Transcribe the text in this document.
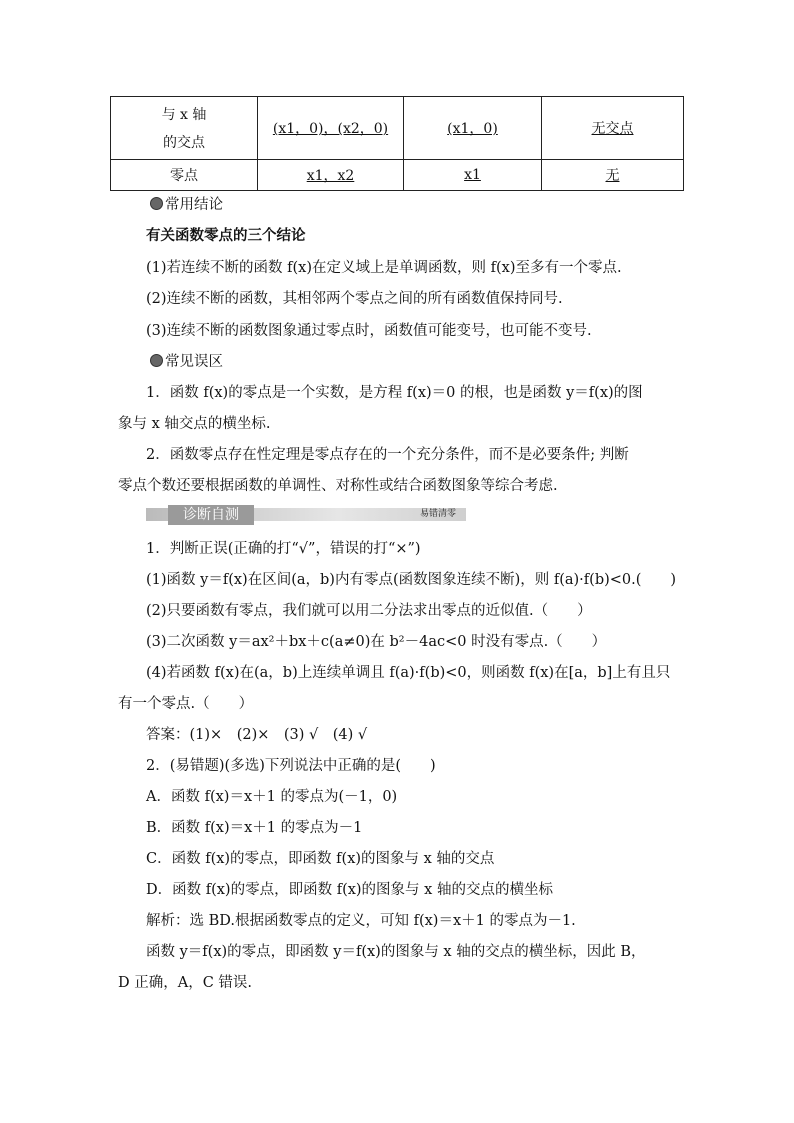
与 x 轴
的交点	(x1，0)，(x2，0)	(x1，0)	无交点
零点	x1，x2	x1	无
常用结论
有关函数零点的三个结论
(1)若连续不断的函数 f(x)在定义域上是单调函数，则 f(x)至多有一个零点.
(2)连续不断的函数，其相邻两个零点之间的所有函数值保持同号.
(3)连续不断的函数图象通过零点时，函数值可能变号，也可能不变号.
常见误区
1．函数 f(x)的零点是一个实数，是方程 f(x)＝0 的根，也是函数 y＝f(x)的图
象与 x 轴交点的横坐标.
2．函数零点存在性定理是零点存在的一个充分条件，而不是必要条件; 判断
零点个数还要根据函数的单调性、对称性或结合函数图象等综合考虑.
诊断自测	易错清零
1．判断正误(正确的打“√”，错误的打“×”)
(1)函数 y＝f(x)在区间(a，b)内有零点(函数图象连续不断)，则 f(a)·f(b)<0.(　　)
(2)只要函数有零点，我们就可以用二分法求出零点的近似值.（　　）
(3)二次函数 y＝ax²＋bx＋c(a≠0)在 b²－4ac<0 时没有零点.（　　）
(4)若函数 f(x)在(a，b)上连续单调且 f(a)·f(b)<0，则函数 f(x)在[a，b]上有且只
有一个零点.（　　）
答案：(1)×　(2)×　(3) √　(4) √
2．(易错题)(多选)下列说法中正确的是(　　)
A．函数 f(x)＝x＋1 的零点为(－1，0)
B．函数 f(x)＝x＋1 的零点为－1
C．函数 f(x)的零点，即函数 f(x)的图象与 x 轴的交点
D．函数 f(x)的零点，即函数 f(x)的图象与 x 轴的交点的横坐标
解析：选 BD.根据函数零点的定义，可知 f(x)＝x＋1 的零点为－1.
函数 y＝f(x)的零点，即函数 y＝f(x)的图象与 x 轴的交点的横坐标，因此 B，
D 正确，A，C 错误.
